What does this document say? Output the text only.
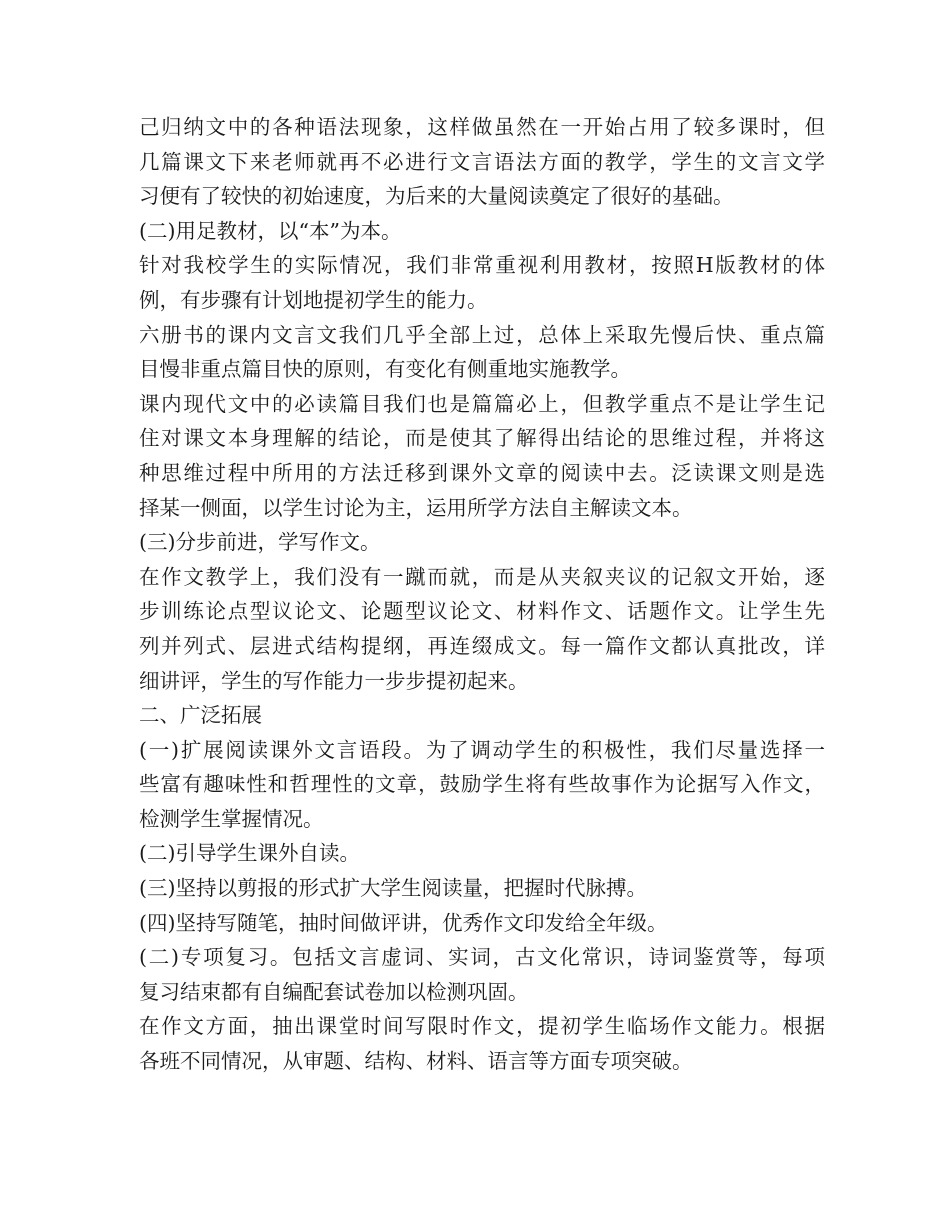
己归纳文中的各种语法现象，这样做虽然在一开始占用了较多课时，但
几篇课文下来老师就再不必进行文言语法方面的教学，学生的文言文学
习便有了较快的初始速度，为后来的大量阅读奠定了很好的基础。
(二)用足教材，以“本”为本。
针对我校学生的实际情况，我们非常重视利用教材，按照H版教材的体
例，有步骤有计划地提初学生的能力。
六册书的课内文言文我们几乎全部上过，总体上采取先慢后快、重点篇
目慢非重点篇目快的原则，有变化有侧重地实施教学。
课内现代文中的必读篇目我们也是篇篇必上，但教学重点不是让学生记
住对课文本身理解的结论，而是使其了解得出结论的思维过程，并将这
种思维过程中所用的方法迁移到课外文章的阅读中去。泛读课文则是选
择某一侧面，以学生讨论为主，运用所学方法自主解读文本。
(三)分步前进，学写作文。
在作文教学上，我们没有一蹴而就，而是从夹叙夹议的记叙文开始，逐
步训练论点型议论文、论题型议论文、材料作文、话题作文。让学生先
列并列式、层进式结构提纲，再连缀成文。每一篇作文都认真批改，详
细讲评，学生的写作能力一步步提初起来。
二、广泛拓展
(一)扩展阅读课外文言语段。为了调动学生的积极性，我们尽量选择一
些富有趣味性和哲理性的文章，鼓励学生将有些故事作为论据写入作文，
检测学生掌握情况。
(二)引导学生课外自读。
(三)坚持以剪报的形式扩大学生阅读量，把握时代脉搏。
(四)坚持写随笔，抽时间做评讲，优秀作文印发给全年级。
(二)专项复习。包括文言虚词、实词，古文化常识，诗词鉴赏等，每项
复习结束都有自编配套试卷加以检测巩固。
在作文方面，抽出课堂时间写限时作文，提初学生临场作文能力。根据
各班不同情况，从审题、结构、材料、语言等方面专项突破。
